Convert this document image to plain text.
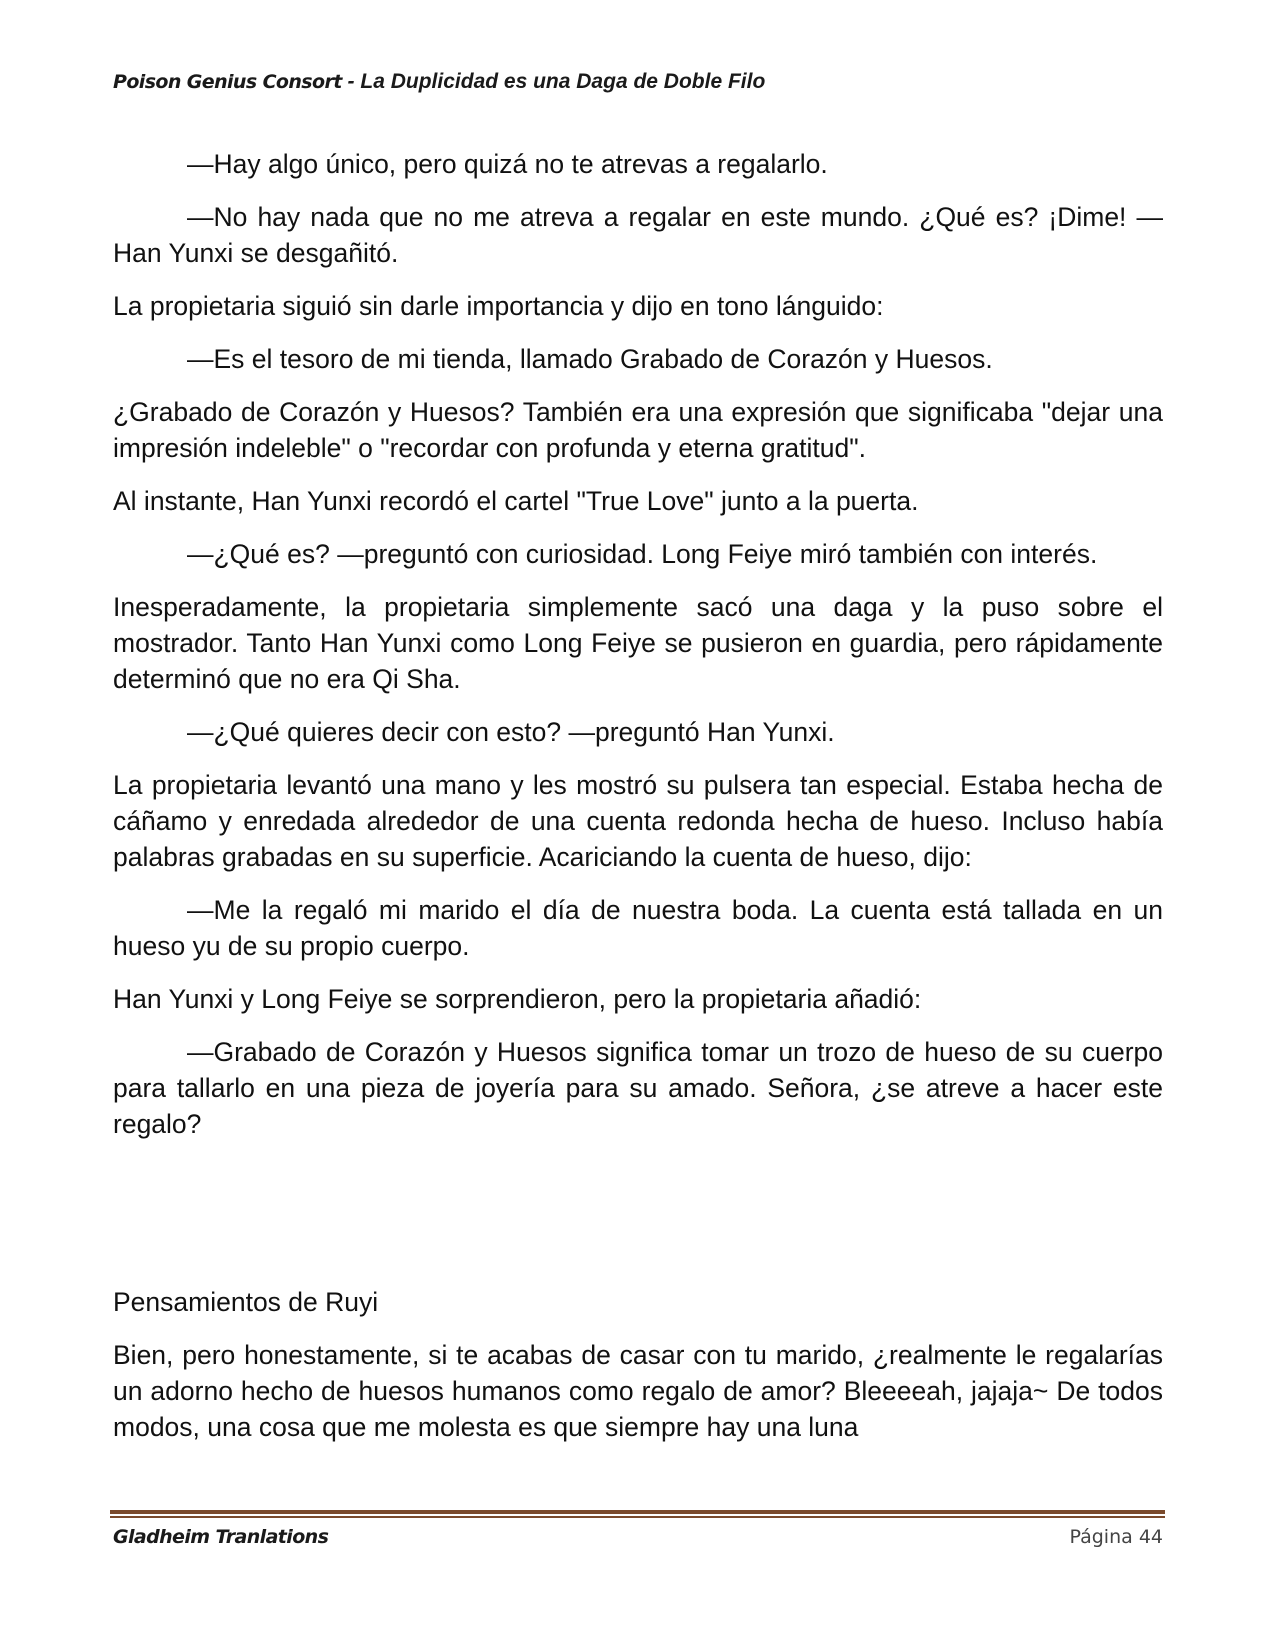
Poison Genius Consort - La Duplicidad es una Daga de Doble Filo

—Hay algo único, pero quizá no te atrevas a regalarlo.

—No hay nada que no me atreva a regalar en este mundo. ¿Qué es? ¡Dime! —Han Yunxi se desgañitó.

La propietaria siguió sin darle importancia y dijo en tono lánguido:

—Es el tesoro de mi tienda, llamado Grabado de Corazón y Huesos.

¿Grabado de Corazón y Huesos? También era una expresión que significaba "dejar una impresión indeleble" o "recordar con profunda y eterna gratitud".

Al instante, Han Yunxi recordó el cartel "True Love" junto a la puerta.

—¿Qué es? —preguntó con curiosidad. Long Feiye miró también con interés.

Inesperadamente, la propietaria simplemente sacó una daga y la puso sobre el mostrador. Tanto Han Yunxi como Long Feiye se pusieron en guardia, pero rápidamente determinó que no era Qi Sha.

—¿Qué quieres decir con esto? —preguntó Han Yunxi.

La propietaria levantó una mano y les mostró su pulsera tan especial. Estaba hecha de cáñamo y enredada alrededor de una cuenta redonda hecha de hueso. Incluso había palabras grabadas en su superficie. Acariciando la cuenta de hueso, dijo:

—Me la regaló mi marido el día de nuestra boda. La cuenta está tallada en un hueso yu de su propio cuerpo.

Han Yunxi y Long Feiye se sorprendieron, pero la propietaria añadió:

—Grabado de Corazón y Huesos significa tomar un trozo de hueso de su cuerpo para tallarlo en una pieza de joyería para su amado. Señora, ¿se atreve a hacer este regalo?

Pensamientos de Ruyi

Bien, pero honestamente, si te acabas de casar con tu marido, ¿realmente le regalarías un adorno hecho de huesos humanos como regalo de amor? Bleeeeah, jajaja~ De todos modos, una cosa que me molesta es que siempre hay una luna

Gladheim Tranlations	Página 44
